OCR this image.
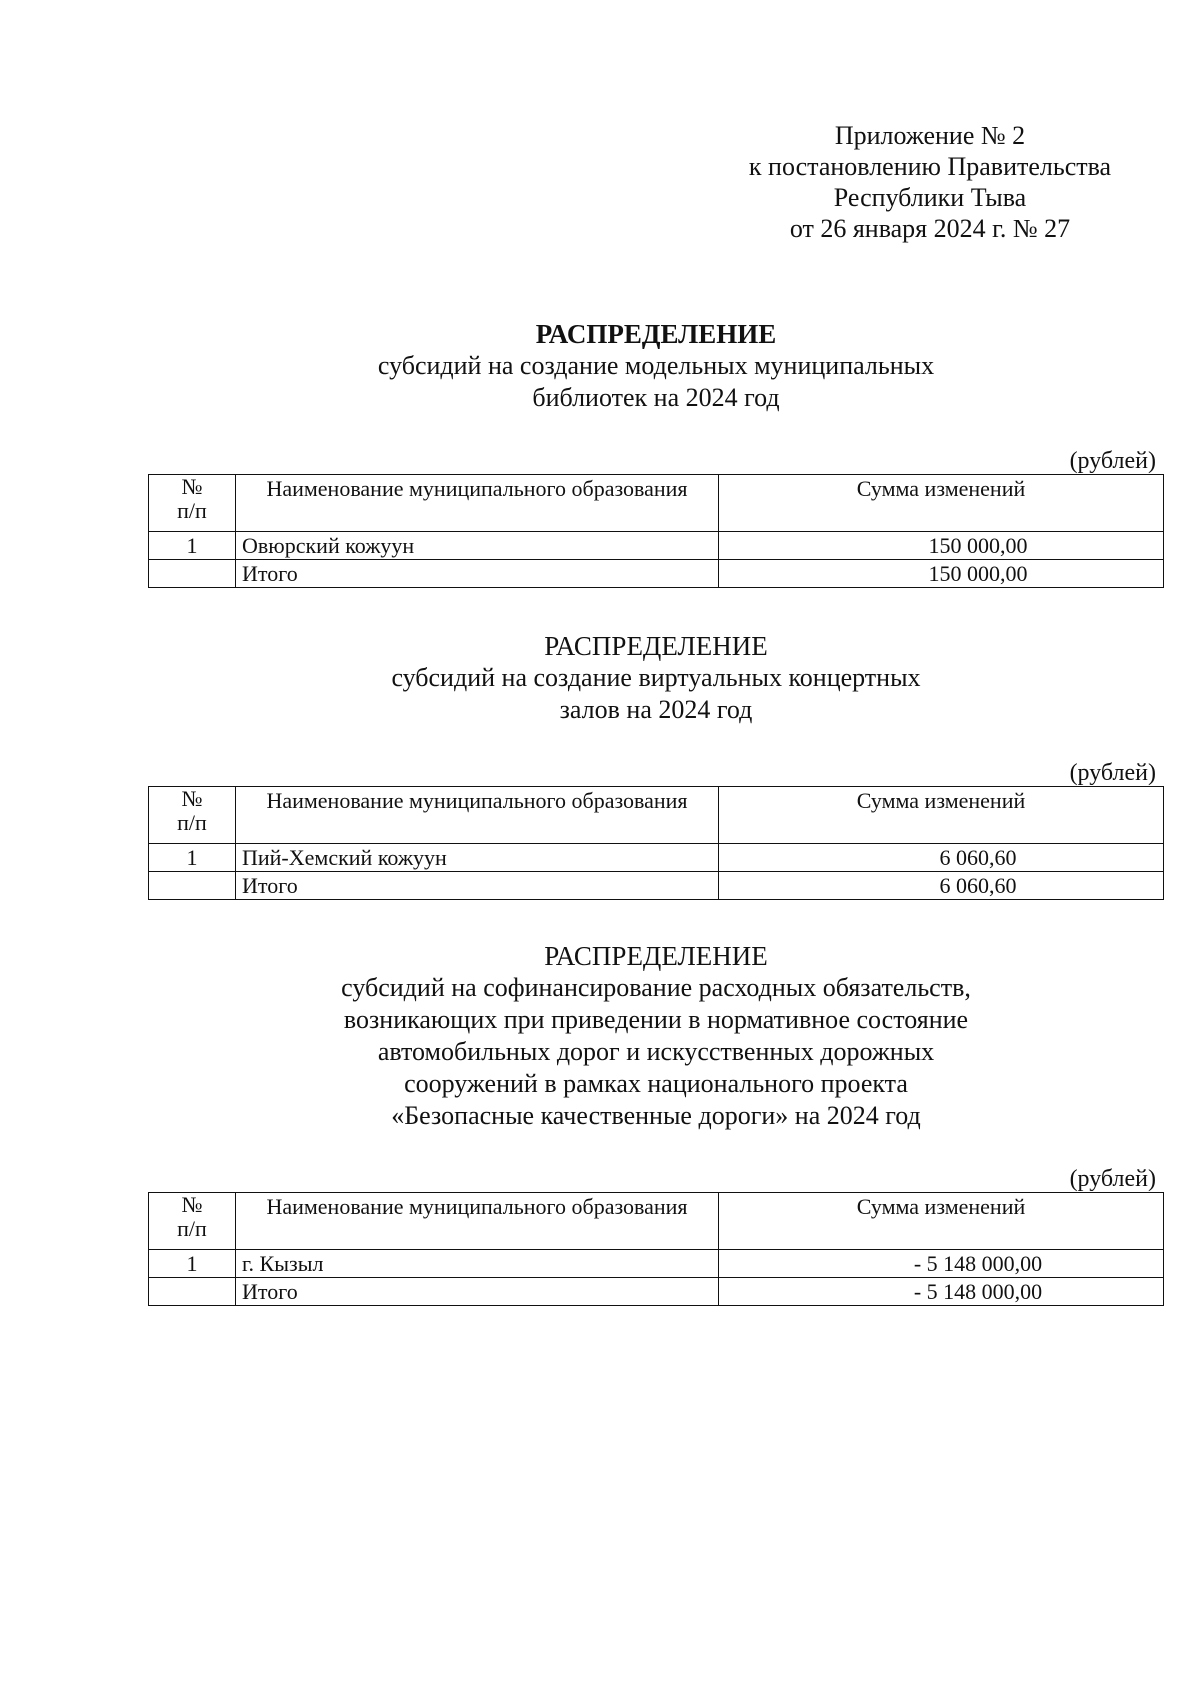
Приложение № 2
к постановлению Правительства
Республики Тыва
от 26 января 2024 г. № 27
РАСПРЕДЕЛЕНИЕ
субсидий на создание модельных муниципальных
библиотек на 2024 год
(рублей)
№
п/п	Наименование муниципального образования	Сумма изменений
1	Овюрский кожуун	150 000,00
	Итого	150 000,00
РАСПРЕДЕЛЕНИЕ
субсидий на создание виртуальных концертных
залов на 2024 год
(рублей)
№
п/п	Наименование муниципального образования	Сумма изменений
1	Пий-Хемский кожуун	6 060,60
	Итого	6 060,60
РАСПРЕДЕЛЕНИЕ
субсидий на софинансирование расходных обязательств,
возникающих при приведении в нормативное состояние
автомобильных дорог и искусственных дорожных
сооружений в рамках национального проекта
«Безопасные качественные дороги» на 2024 год
(рублей)
№
п/п	Наименование муниципального образования	Сумма изменений
1	г. Кызыл	- 5 148 000,00
	Итого	- 5 148 000,00
